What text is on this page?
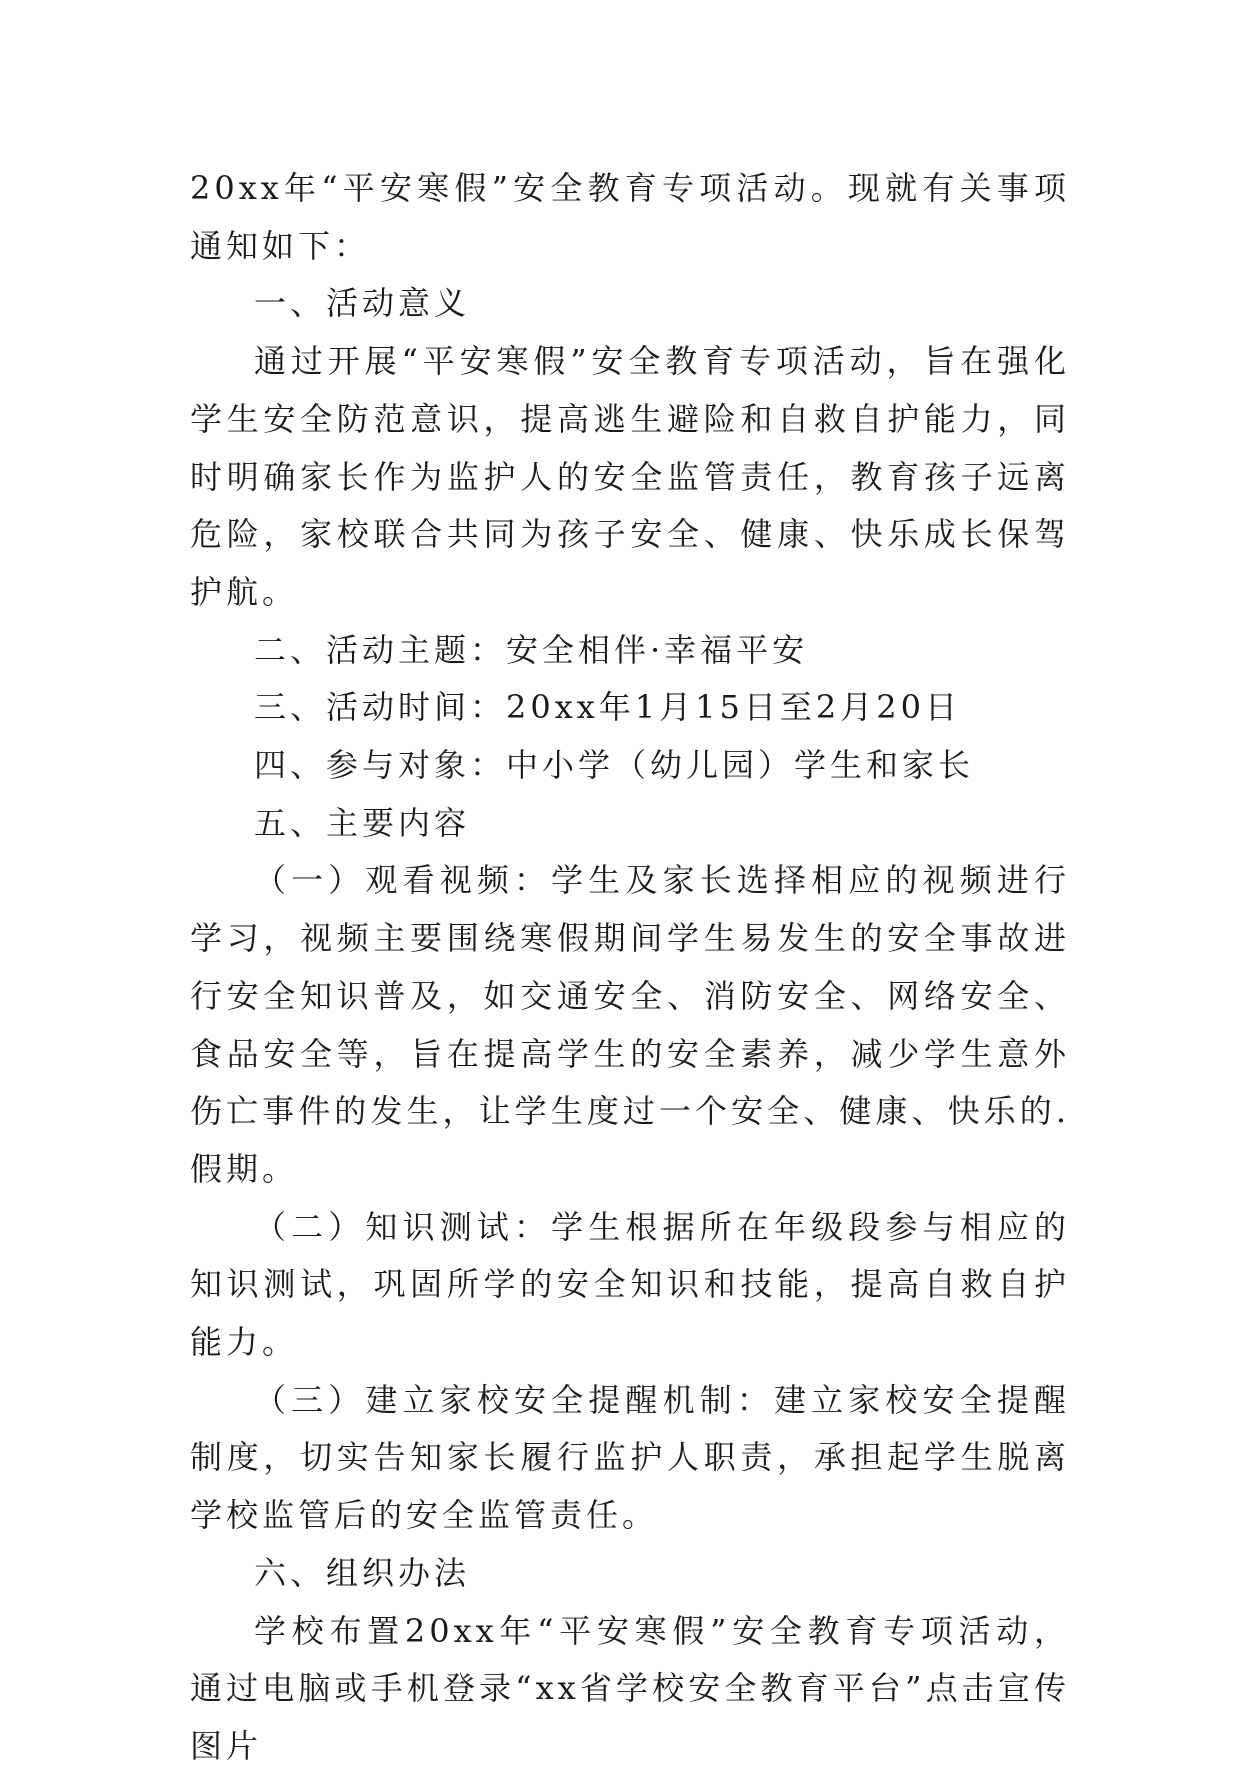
20xx年“平安寒假”安全教育专项活动。现就有关事项通知如下：

一、活动意义

通过开展“平安寒假”安全教育专项活动，旨在强化学生安全防范意识，提高逃生避险和自救自护能力，同时明确家长作为监护人的安全监管责任，教育孩子远离危险，家校联合共同为孩子安全、健康、快乐成长保驾护航。

二、活动主题：安全相伴·幸福平安

三、活动时间：20xx年1月15日至2月20日

四、参与对象：中小学（幼儿园）学生和家长

五、主要内容

（一）观看视频：学生及家长选择相应的视频进行学习，视频主要围绕寒假期间学生易发生的安全事故进行安全知识普及，如交通安全、消防安全、网络安全、食品安全等，旨在提高学生的安全素养，减少学生意外伤亡事件的发生，让学生度过一个安全、健康、快乐的.假期。

（二）知识测试：学生根据所在年级段参与相应的知识测试，巩固所学的安全知识和技能，提高自救自护能力。

（三）建立家校安全提醒机制：建立家校安全提醒制度，切实告知家长履行监护人职责，承担起学生脱离学校监管后的安全监管责任。

六、组织办法

学校布置20xx年“平安寒假”安全教育专项活动，通过电脑或手机登录“xx省学校安全教育平台”点击宣传图片
